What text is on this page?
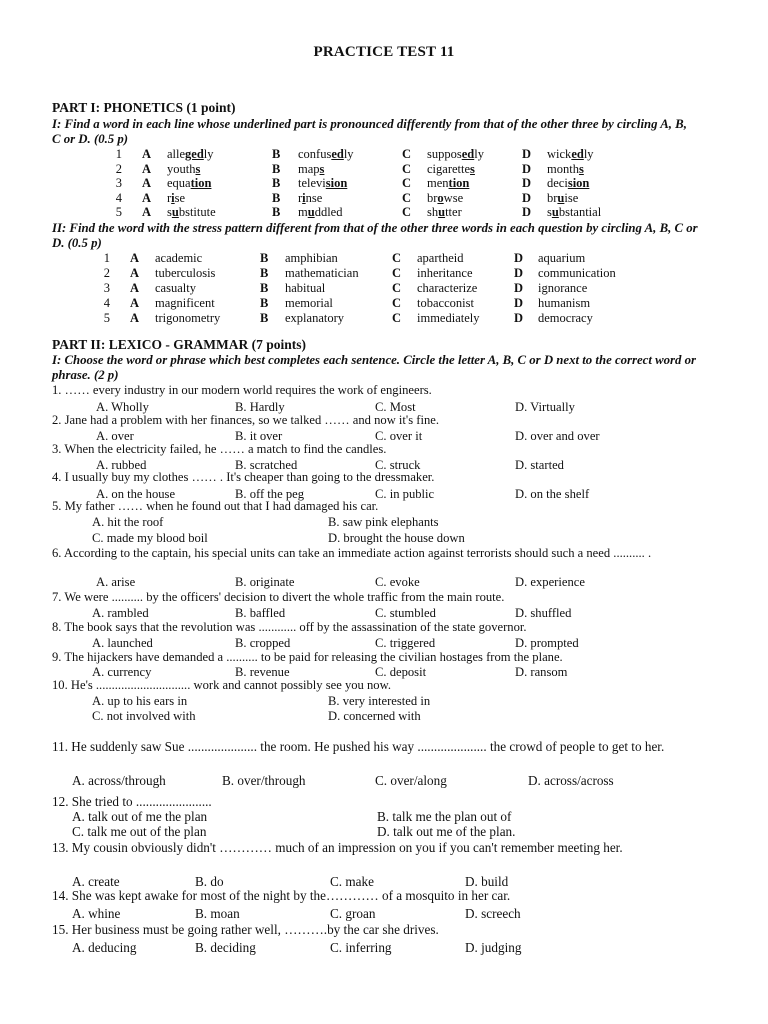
PRACTICE TEST 11
PART I: PHONETICS (1 point)
I: Find a word in each line whose underlined part is pronounced differently from that of the other three by circling A, B, C or D. (0.5 p)
1 A allegedly	B confusedly	C supposedly	D wickedly
2 A youths	B maps	C cigarettes	D months
3 A equation	B television	C mention	D decision
4 A rise	B rinse	C browse	D bruise
5 A substitute	B muddled	C shutter	D substantial
II: Find the word with the stress pattern different from that of the other three words in each question by circling A, B, C or D. (0.5 p)
1 A academic	B amphibian	C apartheid	D aquarium
2 A tuberculosis	B mathematician	C inheritance	D communication
3 A casualty	B habitual	C characterize	D ignorance
4 A magnificent	B memorial	C tobacconist	D humanism
5 A trigonometry	B explanatory	C immediately	D democracy
PART II: LEXICO - GRAMMAR (7 points)
I: Choose the word or phrase which best completes each sentence. Circle the letter A, B, C or D next to the correct word or phrase. (2 p)
1. …… every industry in our modern world requires the work of engineers.
A. Wholly	B. Hardly	C. Most	D. Virtually
2. Jane had a problem with her finances, so we talked …… and now it's fine.
A. over	B. it over	C. over it	D. over and over
3. When the electricity failed, he …… a match to find the candles.
A. rubbed	B. scratched	C. struck	D. started
4. I usually buy my clothes …… . It's cheaper than going to the dressmaker.
A. on the house	B. off the peg	C. in public	D. on the shelf
5. My father …… when he found out that I had damaged his car.
A. hit the roof	B. saw pink elephants
C. made my blood boil	D. brought the house down
6. According to the captain, his special units can take an immediate action against terrorists should such a need .......... .
A. arise	B. originate	C. evoke	D. experience
7. We were .......... by the officers' decision to divert the whole traffic from the main route.
A. rambled	B. baffled	C. stumbled	D. shuffled
8. The book says that the revolution was ............ off by the assassination of the state governor.
A. launched	B. cropped	C. triggered	D. prompted
9. The hijackers have demanded a .......... to be paid for releasing the civilian hostages from the plane.
A. currency	B. revenue	C. deposit	D. ransom
10. He's .............................. work and cannot possibly see you now.
A. up to his ears in	B. very interested in
C. not involved with	D. concerned with
11. He suddenly saw Sue ..................... the room. He pushed his way ..................... the crowd of people to get to her.
A. across/through	B. over/through	C. over/along	D. across/across
12. She tried to .......................
A. talk out of me the plan	B. talk me the plan out of
C. talk me out of the plan	D. talk out me of the plan.
13. My cousin obviously didn't ………… much of an impression on you if you can't remember meeting her.
A. create	B. do	C. make	D. build
14. She was kept awake for most of the night by the………… of a mosquito in her car.
A. whine	B. moan	C. groan	D. screech
15. Her business must be going rather well, ……….by the car she drives.
A. deducing	B. deciding	C. inferring	D. judging
